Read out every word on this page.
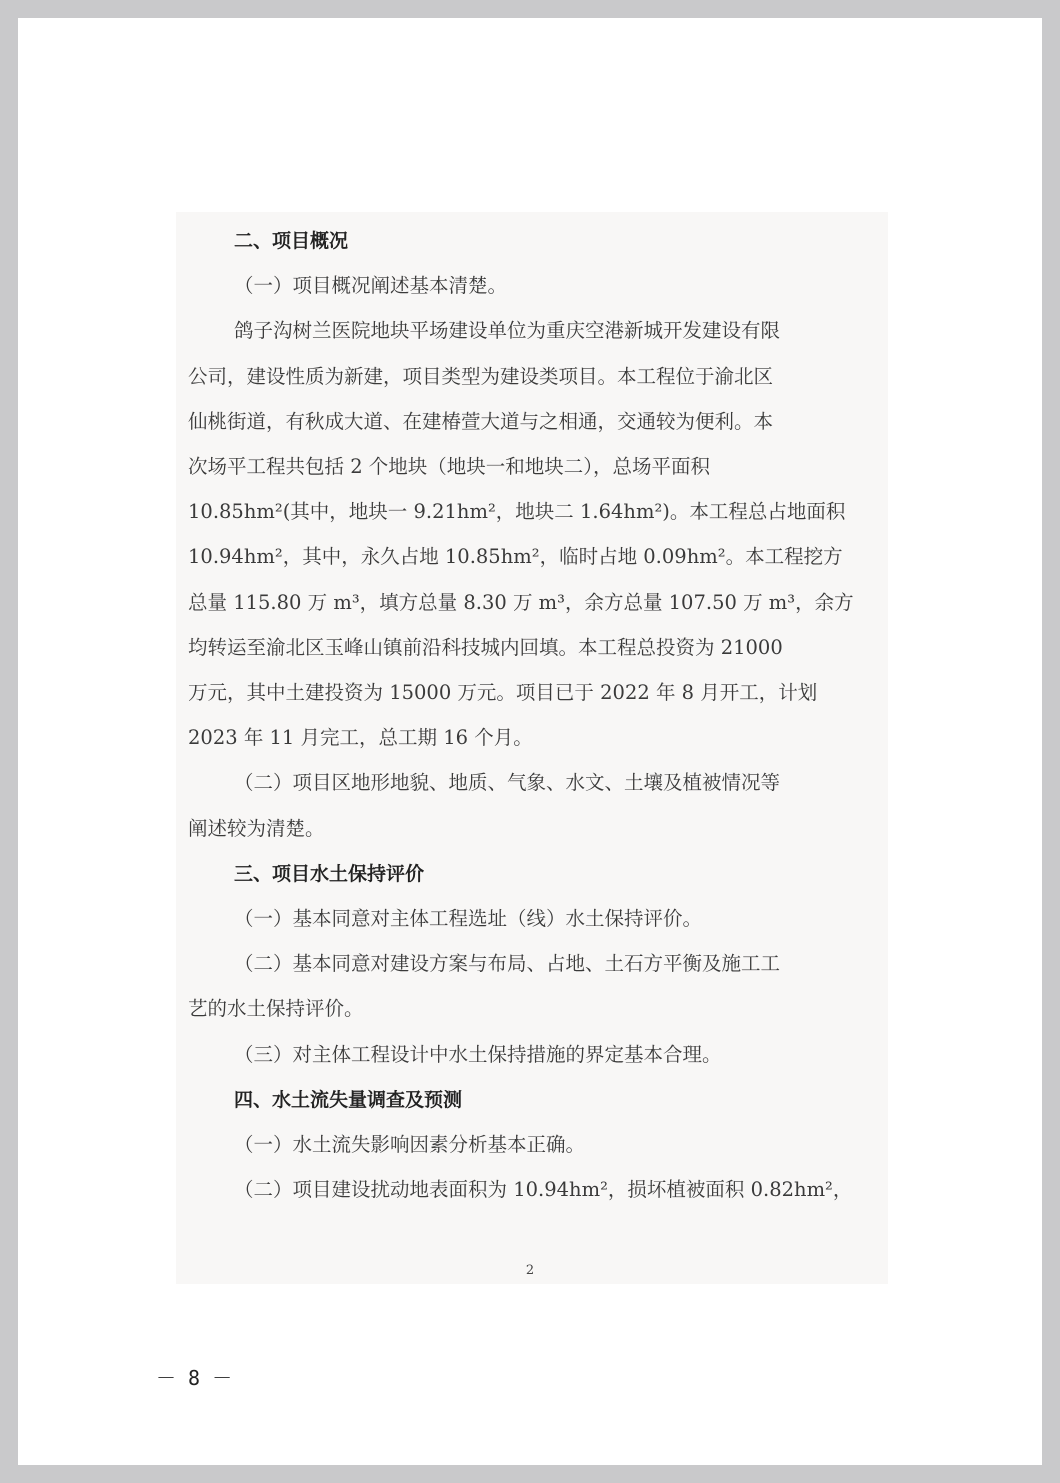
二、项目概况
（一）项目概况阐述基本清楚。
鸽子沟树兰医院地块平场建设单位为重庆空港新城开发建设有限
公司，建设性质为新建，项目类型为建设类项目。本工程位于渝北区
仙桃街道，有秋成大道、在建椿萱大道与之相通，交通较为便利。本
次场平工程共包括 2 个地块（地块一和地块二），总场平面积
10.85hm²(其中，地块一 9.21hm²，地块二 1.64hm²)。本工程总占地面积
10.94hm²，其中，永久占地 10.85hm²，临时占地 0.09hm²。本工程挖方
总量 115.80 万 m³，填方总量 8.30 万 m³，余方总量 107.50 万 m³，余方
均转运至渝北区玉峰山镇前沿科技城内回填。本工程总投资为 21000
万元，其中土建投资为 15000 万元。项目已于 2022 年 8 月开工，计划
2023 年 11 月完工，总工期 16 个月。
（二）项目区地形地貌、地质、气象、水文、土壤及植被情况等
阐述较为清楚。
三、项目水土保持评价
（一）基本同意对主体工程选址（线）水土保持评价。
（二）基本同意对建设方案与布局、占地、土石方平衡及施工工
艺的水土保持评价。
（三）对主体工程设计中水土保持措施的界定基本合理。
四、水土流失量调查及预测
（一）水土流失影响因素分析基本正确。
（二）项目建设扰动地表面积为 10.94hm²，损坏植被面积 0.82hm²，
2
－ 8 －
